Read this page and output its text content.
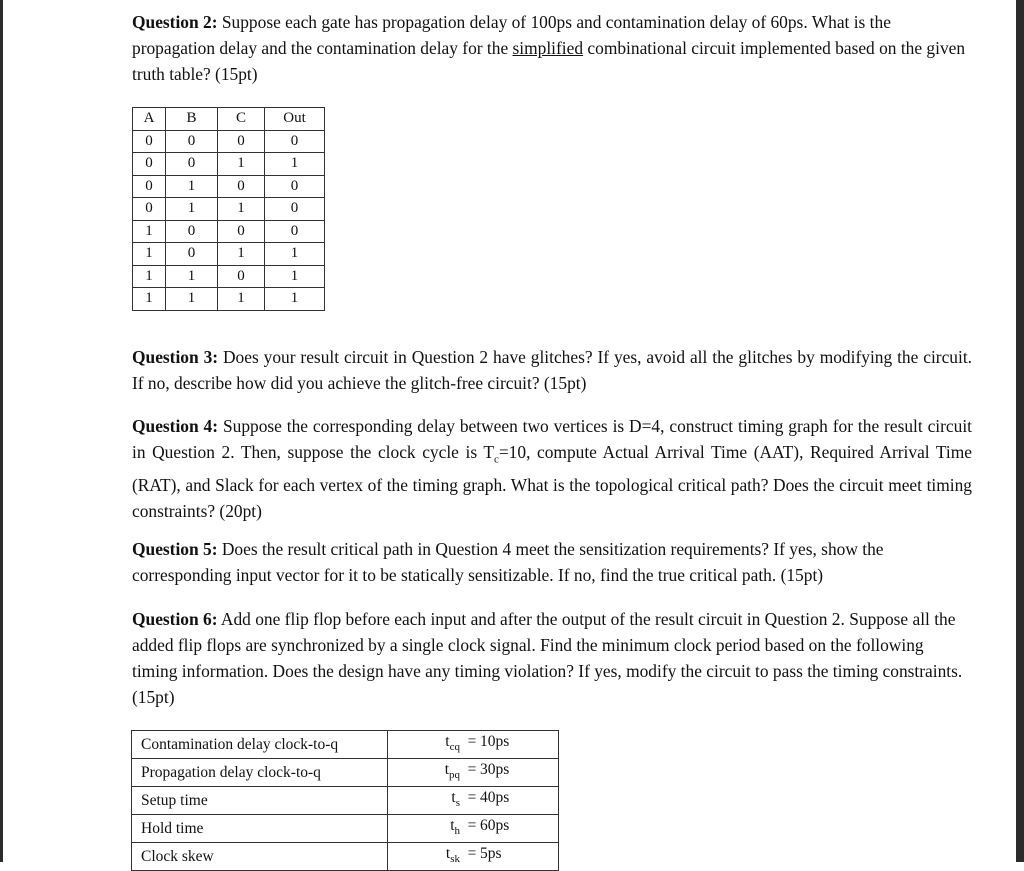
Question 2: Suppose each gate has propagation delay of 100ps and contamination delay of 60ps. What is the propagation delay and the contamination delay for the simplified combinational circuit implemented based on the given truth table? (15pt)

A	B	C	Out
0	0	0	0
0	0	1	1
0	1	0	0
0	1	1	0
1	0	0	0
1	0	1	1
1	1	0	1
1	1	1	1

Question 3: Does your result circuit in Question 2 have glitches? If yes, avoid all the glitches by modifying the circuit. If no, describe how did you achieve the glitch-free circuit? (15pt)

Question 4: Suppose the corresponding delay between two vertices is D=4, construct timing graph for the result circuit in Question 2. Then, suppose the clock cycle is $T_c=10$, compute Actual Arrival Time (AAT), Required Arrival Time (RAT), and Slack for each vertex of the timing graph. What is the topological critical path? Does the circuit meet timing constraints? (20pt)

Question 5: Does the result critical path in Question 4 meet the sensitization requirements? If yes, show the corresponding input vector for it to be statically sensitizable. If no, find the true critical path. (15pt)

Question 6: Add one flip flop before each input and after the output of the result circuit in Question 2. Suppose all the added flip flops are synchronized by a single clock signal. Find the minimum clock period based on the following timing information. Does the design have any timing violation? If yes, modify the circuit to pass the timing constraints. (15pt)

Contamination delay clock-to-q	$t_{cq} = 10ps$
Propagation delay clock-to-q	$t_{pq} = 30ps$
Setup time	$t_s = 40ps$
Hold time	$t_h = 60ps$
Clock skew	$t_{sk} = 5ps$
